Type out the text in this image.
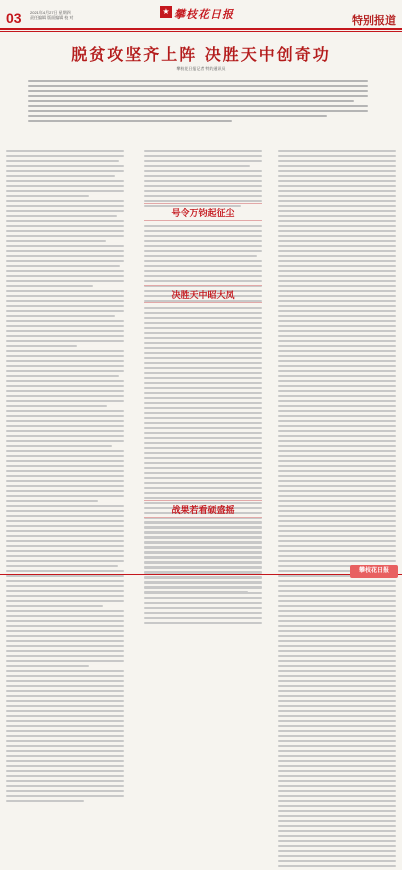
03 2021年4月27日 星期四
责任编辑 版面编辑 校 对
★ 攀枝花日报	特别报道
脱贫攻坚齐上阵 决胜天中创奇功
攀枝花日报记者 特约通讯员
号令万钧起征尘
决胜天中昭大凤
战果若看硕盛摇
攀枝花日报
